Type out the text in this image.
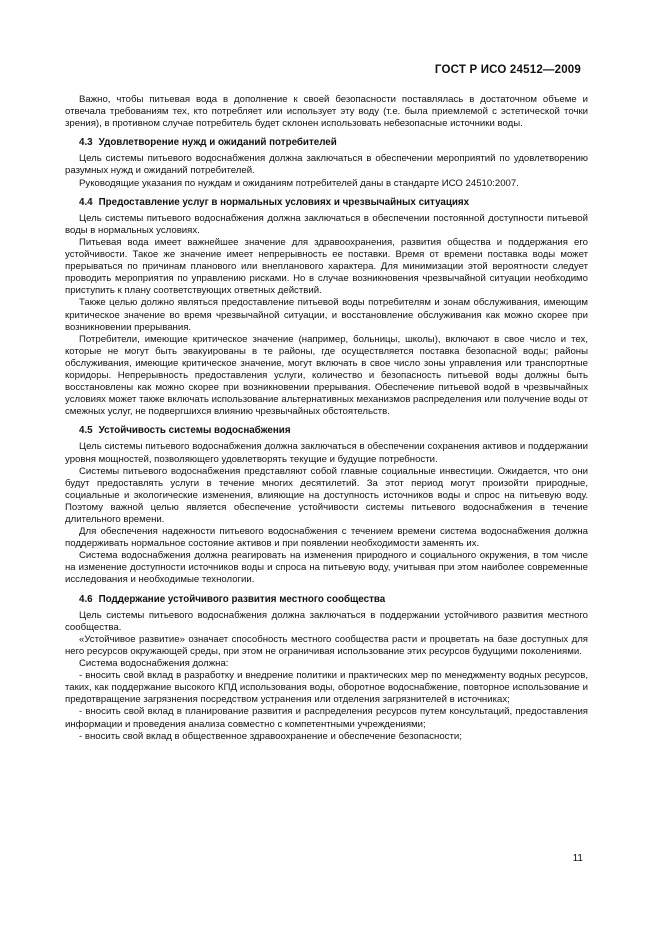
ГОСТ Р ИСО 24512—2009

Важно, чтобы питьевая вода в дополнение к своей безопасности поставлялась в достаточном объеме и отвечала требованиям тех, кто потребляет или использует эту воду (т.е. была приемлемой с эстетической точки зрения), в противном случае потребитель будет склонен использовать небезопасные источники воды.

4.3 Удовлетворение нужд и ожиданий потребителей

Цель системы питьевого водоснабжения должна заключаться в обеспечении мероприятий по удовлетворению разумных нужд и ожиданий потребителей.

Руководящие указания по нуждам и ожиданиям потребителей даны в стандарте ИСО 24510:2007.

4.4 Предоставление услуг в нормальных условиях и чрезвычайных ситуациях

Цель системы питьевого водоснабжения должна заключаться в обеспечении постоянной доступности питьевой воды в нормальных условиях.

Питьевая вода имеет важнейшее значение для здравоохранения, развития общества и поддержания его устойчивости. Такое же значение имеет непрерывность ее поставки. Время от времени поставка воды может прерываться по причинам планового или внепланового характера. Для минимизации этой вероятности следует проводить мероприятия по управлению рисками. Но в случае возникновения чрезвычайной ситуации необходимо приступить к плану соответствующих ответных действий.

Также целью должно являться предоставление питьевой воды потребителям и зонам обслуживания, имеющим критическое значение во время чрезвычайной ситуации, и восстановление обслуживания как можно скорее при возникновении прерывания.

Потребители, имеющие критическое значение (например, больницы, школы), включают в свое число и тех, которые не могут быть эвакуированы в те районы, где осуществляется поставка безопасной воды; районы обслуживания, имеющие критическое значение, могут включать в свое число зоны управления или транспортные коридоры. Непрерывность предоставления услуги, количество и безопасность питьевой воды должны быть восстановлены как можно скорее при возникновении прерывания. Обеспечение питьевой водой в чрезвычайных условиях может также включать использование альтернативных механизмов распределения или получение воды от смежных услуг, не подвергшихся влиянию чрезвычайных обстоятельств.

4.5 Устойчивость системы водоснабжения

Цель системы питьевого водоснабжения должна заключаться в обеспечении сохранения активов и поддержании уровня мощностей, позволяющего удовлетворять текущие и будущие потребности.

Системы питьевого водоснабжения представляют собой главные социальные инвестиции. Ожидается, что они будут предоставлять услуги в течение многих десятилетий. За этот период могут произойти природные, социальные и экологические изменения, влияющие на доступность источников воды и спрос на питьевую воду. Поэтому важной целью является обеспечение устойчивости системы питьевого водоснабжения в течение длительного времени.

Для обеспечения надежности питьевого водоснабжения с течением времени система водоснабжения должна поддерживать нормальное состояние активов и при появлении необходимости заменять их.

Система водоснабжения должна реагировать на изменения природного и социального окружения, в том числе на изменение доступности источников воды и спроса на питьевую воду, учитывая при этом наиболее современные исследования и необходимые технологии.

4.6 Поддержание устойчивого развития местного сообщества

Цель системы питьевого водоснабжения должна заключаться в поддержании устойчивого развития местного сообщества.

«Устойчивое развитие» означает способность местного сообщества расти и процветать на базе доступных для него ресурсов окружающей среды, при этом не ограничивая использование этих ресурсов будущими поколениями.

Система водоснабжения должна:

- вносить свой вклад в разработку и внедрение политики и практических мер по менеджменту водных ресурсов, таких, как поддержание высокого КПД использования воды, оборотное водоснабжение, повторное использование и предотвращение загрязнения посредством устранения или отделения загрязнителей в источниках;

- вносить свой вклад в планирование развития и распределения ресурсов путем консультаций, предоставления информации и проведения анализа совместно с компетентными учреждениями;

- вносить свой вклад в общественное здравоохранение и обеспечение безопасности;

11
